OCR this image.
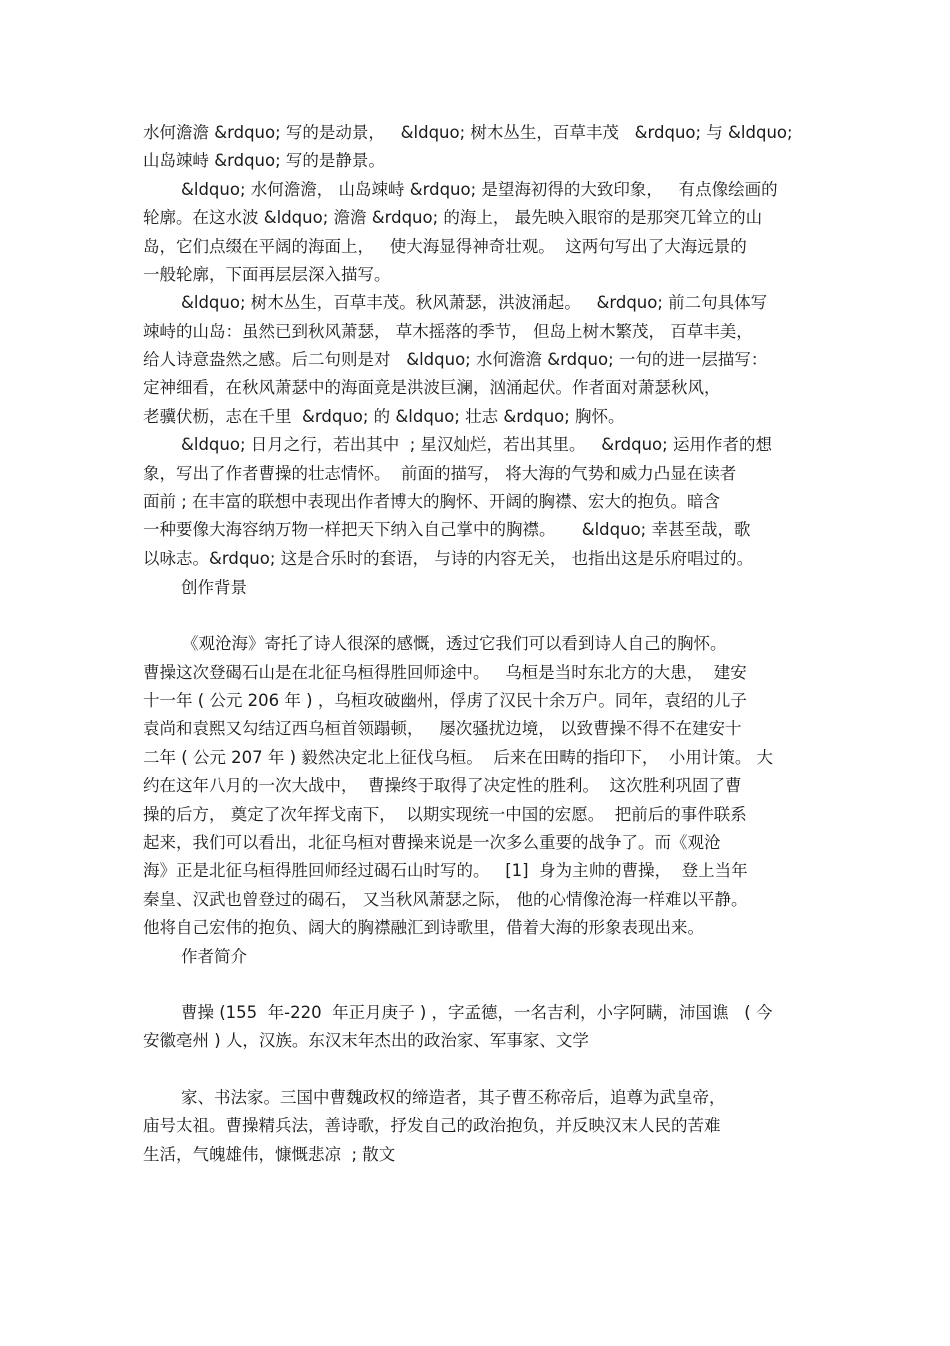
水何澹澹 &rdquo; 写的是动景，   &ldquo; 树木丛生，百草丰茂   &rdquo; 与 &ldquo;
山岛竦峙 &rdquo; 写的是静景。
&ldquo; 水何澹澹， 山岛竦峙 &rdquo; 是望海初得的大致印象，   有点像绘画的
轮廓。在这水波 &ldquo; 澹澹 &rdquo; 的海上， 最先映入眼帘的是那突兀耸立的山
岛，它们点缀在平阔的海面上，   使大海显得神奇壮观。  这两句写出了大海远景的
一般轮廓，下面再层层深入描写。
&ldquo; 树木丛生，百草丰茂。秋风萧瑟，洪波涌起。   &rdquo; 前二句具体写
竦峙的山岛：虽然已到秋风萧瑟， 草木摇落的季节， 但岛上树木繁茂， 百草丰美，
给人诗意盎然之感。后二句则是对   &ldquo; 水何澹澹 &rdquo; 一句的进一层描写：
定神细看，在秋风萧瑟中的海面竟是洪波巨澜，汹涌起伏。作者面对萧瑟秋风，
老骥伏枥，志在千里  &rdquo; 的 &ldquo; 壮志 &rdquo; 胸怀。
&ldquo; 日月之行，若出其中  ; 星汉灿烂，若出其里。   &rdquo; 运用作者的想
象，写出了作者曹操的壮志情怀。  前面的描写， 将大海的气势和威力凸显在读者
面前 ; 在丰富的联想中表现出作者博大的胸怀、开阔的胸襟、宏大的抱负。暗含
一种要像大海容纳万物一样把天下纳入自己掌中的胸襟。     &ldquo; 幸甚至哉，歌
以咏志。&rdquo; 这是合乐时的套语， 与诗的内容无关， 也指出这是乐府唱过的。
创作背景
《观沧海》寄托了诗人很深的感慨，透过它我们可以看到诗人自己的胸怀。
曹操这次登碣石山是在北征乌桓得胜回师途中。   乌桓是当时东北方的大患，  建安
十一年 ( 公元 206 年 ) ，乌桓攻破幽州，俘虏了汉民十余万户。同年，袁绍的儿子
袁尚和袁熙又勾结辽西乌桓首领蹋顿，   屡次骚扰边境， 以致曹操不得不在建安十
二年 ( 公元 207 年 ) 毅然决定北上征伐乌桓。  后来在田畴的指印下，  小用计策。 大
约在这年八月的一次大战中，  曹操终于取得了决定性的胜利。  这次胜利巩固了曹
操的后方， 奠定了次年挥戈南下，  以期实现统一中国的宏愿。  把前后的事件联系
起来，我们可以看出，北征乌桓对曹操来说是一次多么重要的战争了。而《观沧
海》正是北征乌桓得胜回师经过碣石山时写的。   [1]  身为主帅的曹操，  登上当年
秦皇、汉武也曾登过的碣石， 又当秋风萧瑟之际， 他的心情像沧海一样难以平静。
他将自己宏伟的抱负、阔大的胸襟融汇到诗歌里，借着大海的形象表现出来。
作者简介
曹操 (155  年-220  年正月庚子 ) ，字孟德，一名吉利，小字阿瞒，沛国谯   ( 今
安徽亳州 ) 人，汉族。东汉末年杰出的政治家、军事家、文学
家、书法家。三国中曹魏政权的缔造者，其子曹丕称帝后，追尊为武皇帝，
庙号太祖。曹操精兵法，善诗歌，抒发自己的政治抱负，并反映汉末人民的苦难
生活，气魄雄伟，慷慨悲凉  ; 散文
